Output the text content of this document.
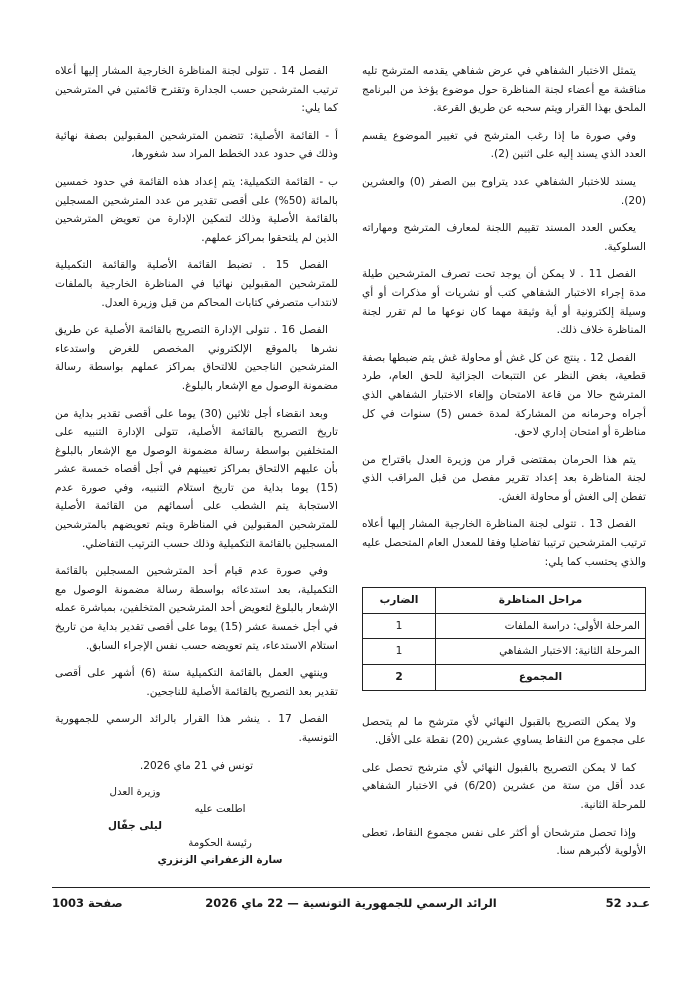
يتمثل الاختبار الشفاهي في عرض شفاهي يقدمه المترشح تليه مناقشة مع أعضاء لجنة المناظرة حول موضوع يؤخذ من البرنامج الملحق بهذا القرار ويتم سحبه عن طريق القرعة.

وفي صورة ما إذا رغب المترشح في تغيير الموضوع يقسم العدد الذي يسند إليه على اثنين (2).

يسند للاختبار الشفاهي عدد يتراوح بين الصفر (0) والعشرين (20).

يعكس العدد المسند تقييم اللجنة لمعارف المترشح ومهاراته السلوكية.

الفصل 11 . لا يمكن أن يوجد تحت تصرف المترشحين طيلة مدة إجراء الاختبار الشفاهي كتب أو نشريات أو مذكرات أو أي وسيلة إلكترونية أو أية وثيقة مهما كان نوعها ما لم تقرر لجنة المناظرة خلاف ذلك.

الفصل 12 . ينتج عن كل غش أو محاولة غش يتم ضبطها بصفة قطعية، بغض النظر عن التتبعات الجزائية للحق العام، طرد المترشح حالا من قاعة الامتحان وإلغاء الاختبار الشفاهي الذي أجراه وحرمانه من المشاركة لمدة خمس (5) سنوات في كل مناظرة أو امتحان إداري لاحق.

يتم هذا الحرمان بمقتضى قرار من وزيرة العدل باقتراح من لجنة المناظرة بعد إعداد تقرير مفصل من قبل المراقب الذي تفطن إلى الغش أو محاولة الغش.

الفصل 13 . تتولى لجنة المناظرة الخارجية المشار إليها أعلاه ترتيب المترشحين ترتيبا تفاضليا وفقا للمعدل العام المتحصل عليه والذي يحتسب كما يلي:

مراحل المناظرة	الضارب
المرحلة الأولى: دراسة الملفات	1
المرحلة الثانية: الاختبار الشفاهي	1
المجموع	2

ولا يمكن التصريح بالقبول النهائي لأي مترشح ما لم يتحصل على مجموع من النقاط يساوي عشرين (20) نقطة على الأقل.

كما لا يمكن التصريح بالقبول النهائي لأي مترشح تحصل على عدد أقل من ستة من عشرين (6/20) في الاختبار الشفاهي للمرحلة الثانية.

وإذا تحصل مترشحان أو أكثر على نفس مجموع النقاط، تعطى الأولوية لأكبرهم سنا.

الفصل 14 . تتولى لجنة المناظرة الخارجية المشار إليها أعلاه ترتيب المترشحين حسب الجدارة وتقترح قائمتين في المترشحين كما يلي:

أ - القائمة الأصلية: تتضمن المترشحين المقبولين بصفة نهائية وذلك في حدود عدد الخطط المراد سد شغورها،

ب - القائمة التكميلية: يتم إعداد هذه القائمة في حدود خمسين بالمائة (50%) على أقصى تقدير من عدد المترشحين المسجلين بالقائمة الأصلية وذلك لتمكين الإدارة من تعويض المترشحين الذين لم يلتحقوا بمراكز عملهم.

الفصل 15 . تضبط القائمة الأصلية والقائمة التكميلية للمترشحين المقبولين نهائيا في المناظرة الخارجية بالملفات لانتداب متصرفي كتابات المحاكم من قبل وزيرة العدل.

الفصل 16 . تتولى الإدارة التصريح بالقائمة الأصلية عن طريق نشرها بالموقع الإلكتروني المخصص للغرض واستدعاء المترشحين الناجحين للالتحاق بمراكز عملهم بواسطة رسالة مضمونة الوصول مع الإشعار بالبلوغ.

وبعد انقضاء أجل ثلاثين (30) يوما على أقصى تقدير بداية من تاريخ التصريح بالقائمة الأصلية، تتولى الإدارة التنبيه على المتخلفين بواسطة رسالة مضمونة الوصول مع الإشعار بالبلوغ بأن عليهم الالتحاق بمراكز تعيينهم في أجل أقصاه خمسة عشر (15) يوما بداية من تاريخ استلام التنبيه، وفي صورة عدم الاستجابة يتم الشطب على أسمائهم من القائمة الأصلية للمترشحين المقبولين في المناظرة ويتم تعويضهم بالمترشحين المسجلين بالقائمة التكميلية وذلك حسب الترتيب التفاضلي.

وفي صورة عدم قيام أحد المترشحين المسجلين بالقائمة التكميلية، بعد استدعائه بواسطة رسالة مضمونة الوصول مع الإشعار بالبلوغ لتعويض أحد المترشحين المتخلفين، بمباشرة عمله في أجل خمسة عشر (15) يوما على أقصى تقدير بداية من تاريخ استلام الاستدعاء، يتم تعويضه حسب نفس الإجراء السابق.

وينتهي العمل بالقائمة التكميلية ستة (6) أشهر على أقصى تقدير بعد التصريح بالقائمة الأصلية للناجحين.

الفصل 17 . ينشر هذا القرار بالرائد الرسمي للجمهورية التونسية.

تونس في 21 ماي 2026.

وزيرة العدل
ليلى جفّال
اطلعت عليه
رئيسة الحكومة
سارة الزعفراني الزنزري
عـدد 52
الرائد الرسمي للجمهورية التونسية — 22 ماي 2026
صفحة 1003
